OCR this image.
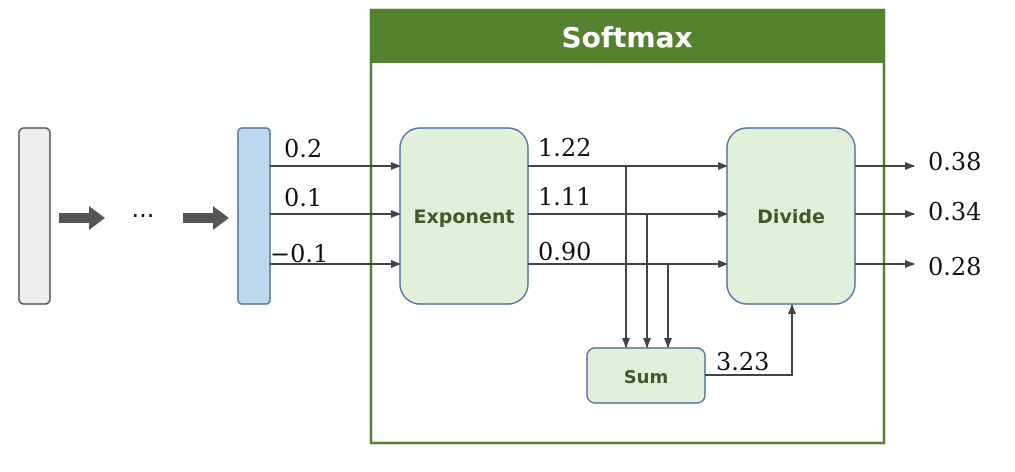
Softmax
···
0.2
0.1
−0.1
Exponent
1.22
1.11
0.90
Sum
3.23
Divide
0.38
0.34
0.28
